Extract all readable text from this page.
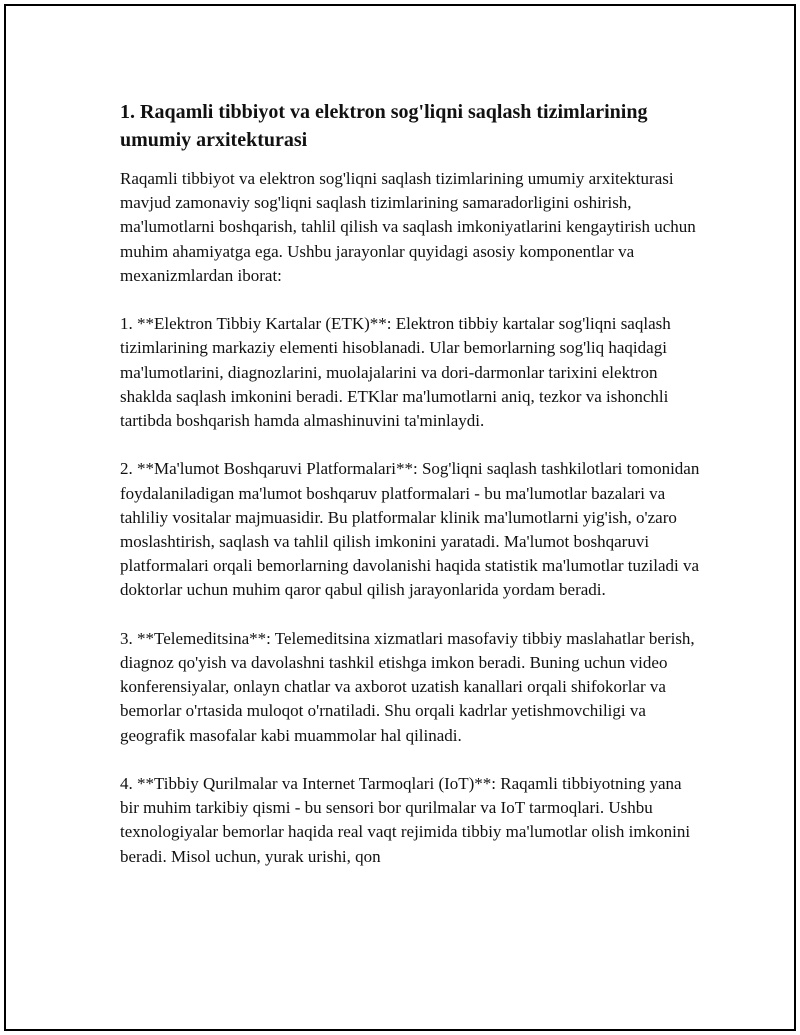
1. Raqamli tibbiyot va elektron sog'liqni saqlash tizimlarining umumiy arxitekturasi

Raqamli tibbiyot va elektron sog'liqni saqlash tizimlarining umumiy arxitekturasi mavjud zamonaviy sog'liqni saqlash tizimlarining samaradorligini oshirish, ma'lumotlarni boshqarish, tahlil qilish va saqlash imkoniyatlarini kengaytirish uchun muhim ahamiyatga ega. Ushbu jarayonlar quyidagi asosiy komponentlar va mexanizmlardan iborat:

1. **Elektron Tibbiy Kartalar (ETK)**: Elektron tibbiy kartalar sog'liqni saqlash tizimlarining markaziy elementi hisoblanadi. Ular bemorlarning sog'liq haqidagi ma'lumotlarini, diagnozlarini, muolajalarini va dori-darmonlar tarixini elektron shaklda saqlash imkonini beradi. ETKlar ma'lumotlarni aniq, tezkor va ishonchli tartibda boshqarish hamda almashinuvini ta'minlaydi.

2. **Ma'lumot Boshqaruvi Platformalari**: Sog'liqni saqlash tashkilotlari tomonidan foydalaniladigan ma'lumot boshqaruv platformalari - bu ma'lumotlar bazalari va tahliliy vositalar majmuasidir. Bu platformalar klinik ma'lumotlarni yig'ish, o'zaro moslashtirish, saqlash va tahlil qilish imkonini yaratadi. Ma'lumot boshqaruvi platformalari orqali bemorlarning davolanishi haqida statistik ma'lumotlar tuziladi va doktorlar uchun muhim qaror qabul qilish jarayonlarida yordam beradi.

3. **Telemeditsina**: Telemeditsina xizmatlari masofaviy tibbiy maslahatlar berish, diagnoz qo'yish va davolashni tashkil etishga imkon beradi. Buning uchun video konferensiyalar, onlayn chatlar va axborot uzatish kanallari orqali shifokorlar va bemorlar o'rtasida muloqot o'rnatiladi. Shu orqali kadrlar yetishmovchiligi va geografik masofalar kabi muammolar hal qilinadi.

4. **Tibbiy Qurilmalar va Internet Tarmoqlari (IoT)**: Raqamli tibbiyotning yana bir muhim tarkibiy qismi - bu sensori bor qurilmalar va IoT tarmoqlari. Ushbu texnologiyalar bemorlar haqida real vaqt rejimida tibbiy ma'lumotlar olish imkonini beradi. Misol uchun, yurak urishi, qon
